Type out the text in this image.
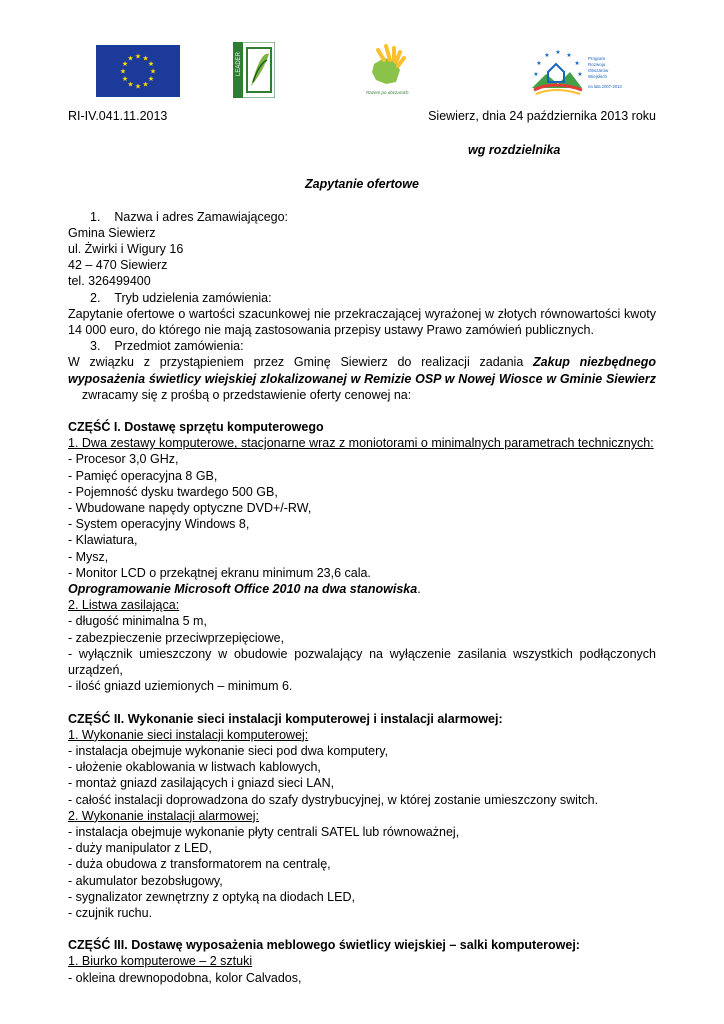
★
★
★
★
★
★
★
★
★ ★ ★
★	LEADER
Razem po obszarach
★
★
★ ★ ★
★
★
Program
Rozwoju
Obszarów
Wiejskich
na lata 2007-2013
RI-IV.041.11.2013	Siewierz, dnia 24 października 2013 roku
wg rozdzielnika
Zapytanie ofertowe
1. Nazwa i adres Zamawiającego:
Gmina Siewierz
ul. Żwirki i Wigury 16
42 – 470 Siewierz
tel. 326499400
2. Tryb udzielenia zamówienia:
Zapytanie ofertowe o wartości szacunkowej nie przekraczającej wyrażonej w złotych równowartości kwoty 14 000 euro, do którego nie mają zastosowania przepisy ustawy Prawo zamówień publicznych.
3. Przedmiot zamówienia:
W związku z przystąpieniem przez Gminę Siewierz do realizacji zadania Zakup niezbędnego wyposażenia świetlicy wiejskiej zlokalizowanej w Remizie OSP w Nowej Wiosce w Gminie Siewierz    zwracamy się z prośbą o przedstawienie oferty cenowej na:
CZĘŚĆ I. Dostawę sprzętu komputerowego
1. Dwa zestawy komputerowe, stacjonarne wraz z moniotorami o minimalnych parametrach technicznych:
- Procesor 3,0 GHz,
- Pamięć operacyjna 8 GB,
- Pojemność dysku twardego 500 GB,
- Wbudowane napędy optyczne DVD+/-RW,
- System operacyjny Windows 8,
- Klawiatura,
- Mysz,
- Monitor LCD o przekątnej ekranu minimum 23,6 cala.
Oprogramowanie Microsoft Office 2010 na dwa stanowiska.
2. Listwa zasilająca:
- długość minimalna 5 m,
- zabezpieczenie przeciwprzepięciowe,
- wyłącznik umieszczony w obudowie pozwalający na wyłączenie zasilania wszystkich podłączonych urządzeń,
- ilość gniazd uziemionych – minimum 6.
CZĘŚĆ II. Wykonanie sieci instalacji komputerowej i instalacji alarmowej:
1. Wykonanie sieci instalacji komputerowej:
- instalacja obejmuje wykonanie sieci pod dwa komputery,
- ułożenie okablowania w listwach kablowych,
- montaż gniazd zasilających i gniazd sieci LAN,
- całość instalacji doprowadzona do szafy dystrybucyjnej, w której zostanie umieszczony switch.
2. Wykonanie instalacji alarmowej:
- instalacja obejmuje wykonanie płyty centrali SATEL lub równoważnej,
- duży manipulator z LED,
- duża obudowa z transformatorem na centralę,
- akumulator bezobsługowy,
- sygnalizator zewnętrzny z optyką na diodach LED,
- czujnik ruchu.
CZĘŚĆ III. Dostawę wyposażenia meblowego świetlicy wiejskiej – salki komputerowej:
1. Biurko komputerowe – 2 sztuki
- okleina drewnopodobna, kolor Calvados,
